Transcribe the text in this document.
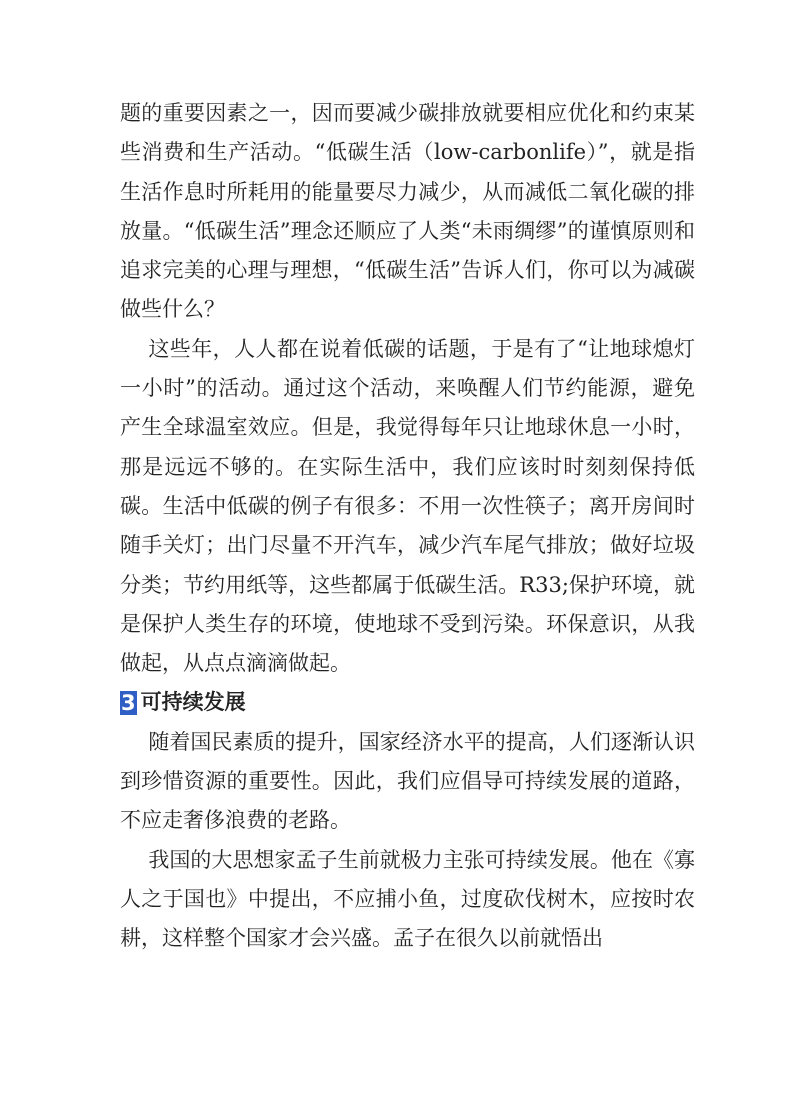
题的重要因素之一，因而要减少碳排放就要相应优化和约束某些消费和生产活动。“低碳生活（low-carbonlife）”，就是指生活作息时所耗用的能量要尽力减少，从而减低二氧化碳的排放量。“低碳生活”理念还顺应了人类“未雨绸缪”的谨慎原则和追求完美的心理与理想，“低碳生活”告诉人们，你可以为减碳做些什么？

这些年，人人都在说着低碳的话题，于是有了“让地球熄灯一小时”的活动。通过这个活动，来唤醒人们节约能源，避免产生全球温室效应。但是，我觉得每年只让地球休息一小时，那是远远不够的。在实际生活中，我们应该时时刻刻保持低碳。生活中低碳的例子有很多：不用一次性筷子；离开房间时随手关灯；出门尽量不开汽车，减少汽车尾气排放；做好垃圾分类；节约用纸等，这些都属于低碳生活。R33;保护环境，就是保护人类生存的环境，使地球不受到污染。环保意识，从我做起，从点点滴滴做起。

3 可持续发展

随着国民素质的提升，国家经济水平的提高，人们逐渐认识到珍惜资源的重要性。因此，我们应倡导可持续发展的道路，不应走奢侈浪费的老路。

我国的大思想家孟子生前就极力主张可持续发展。他在《寡人之于国也》中提出，不应捕小鱼，过度砍伐树木，应按时农耕，这样整个国家才会兴盛。孟子在很久以前就悟出
